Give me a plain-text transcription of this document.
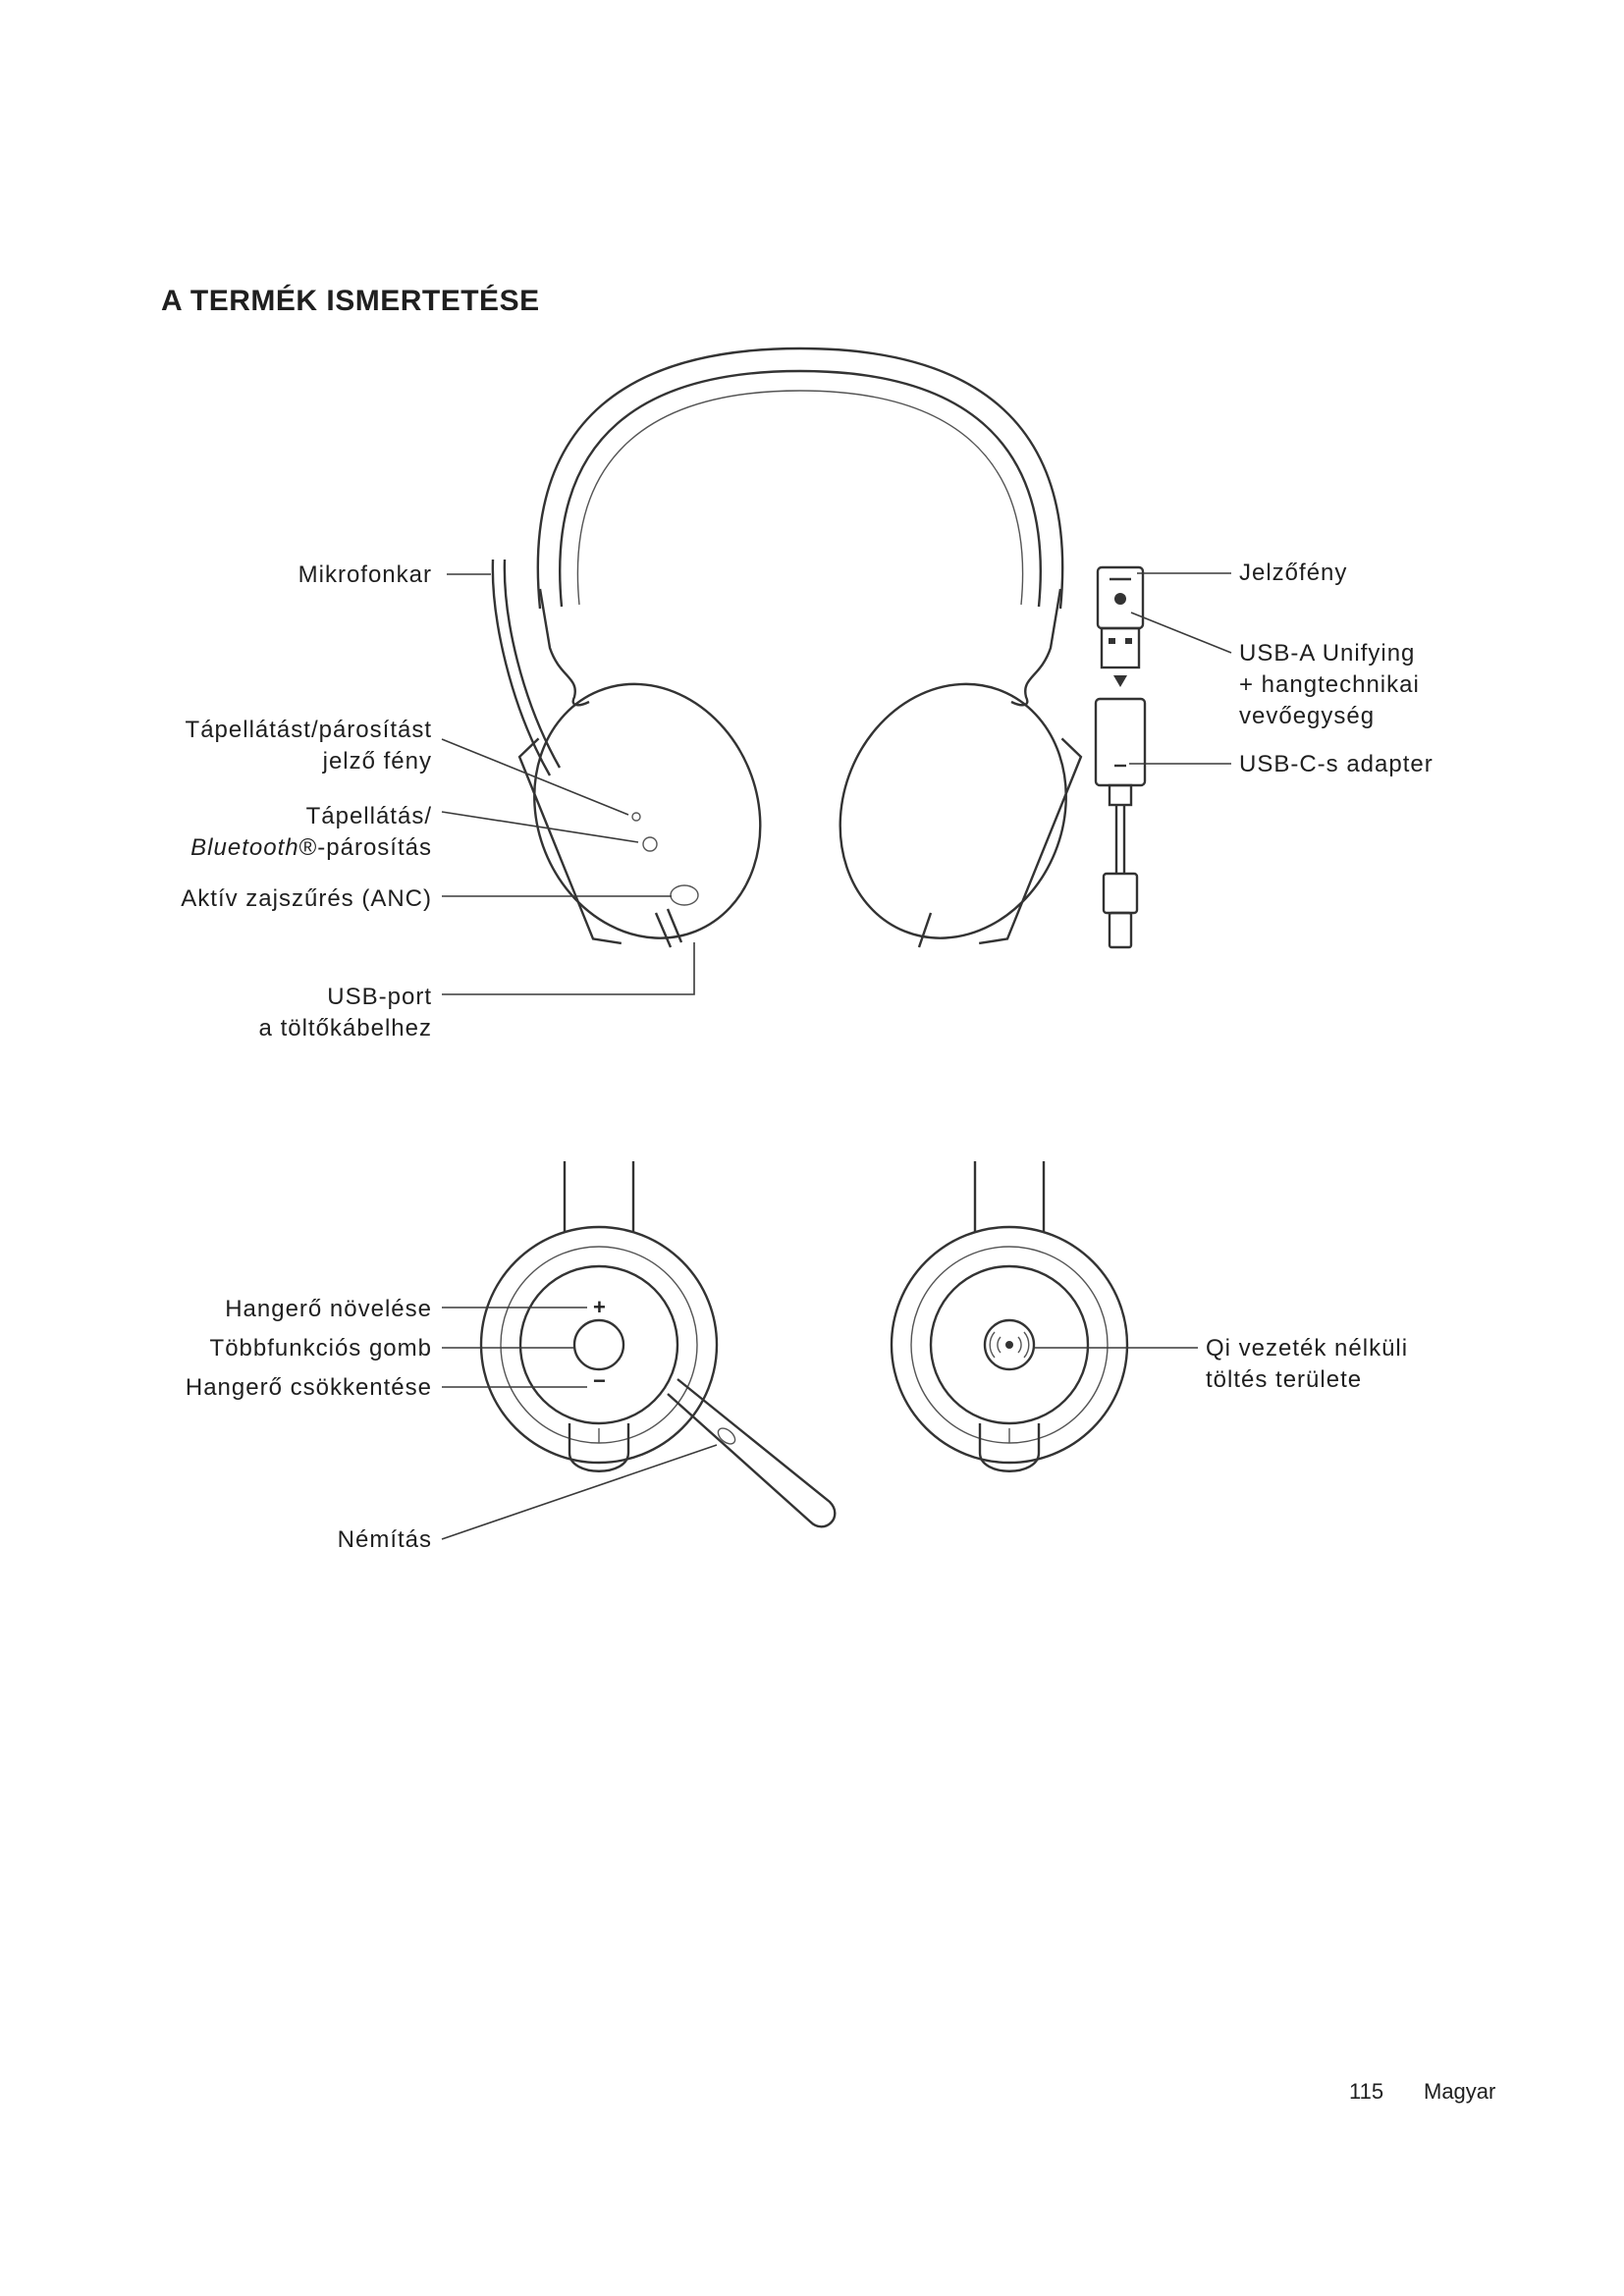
A TERMÉK ISMERTETÉSE
+
−
Mikrofonkar
Tápellátást/párosítást
jelző fény
Tápellátás/
Bluetooth®-párosítás
Aktív zajszűrés (ANC)
USB-port
a töltőkábelhez
Jelzőfény
USB-A Unifying
+ hangtechnikai
vevőegység
USB-C-s adapter
Hangerő növelése
Többfunkciós gomb
Hangerő csökkentése
Némítás
Qi vezeték nélküli
töltés területe
115 Magyar
